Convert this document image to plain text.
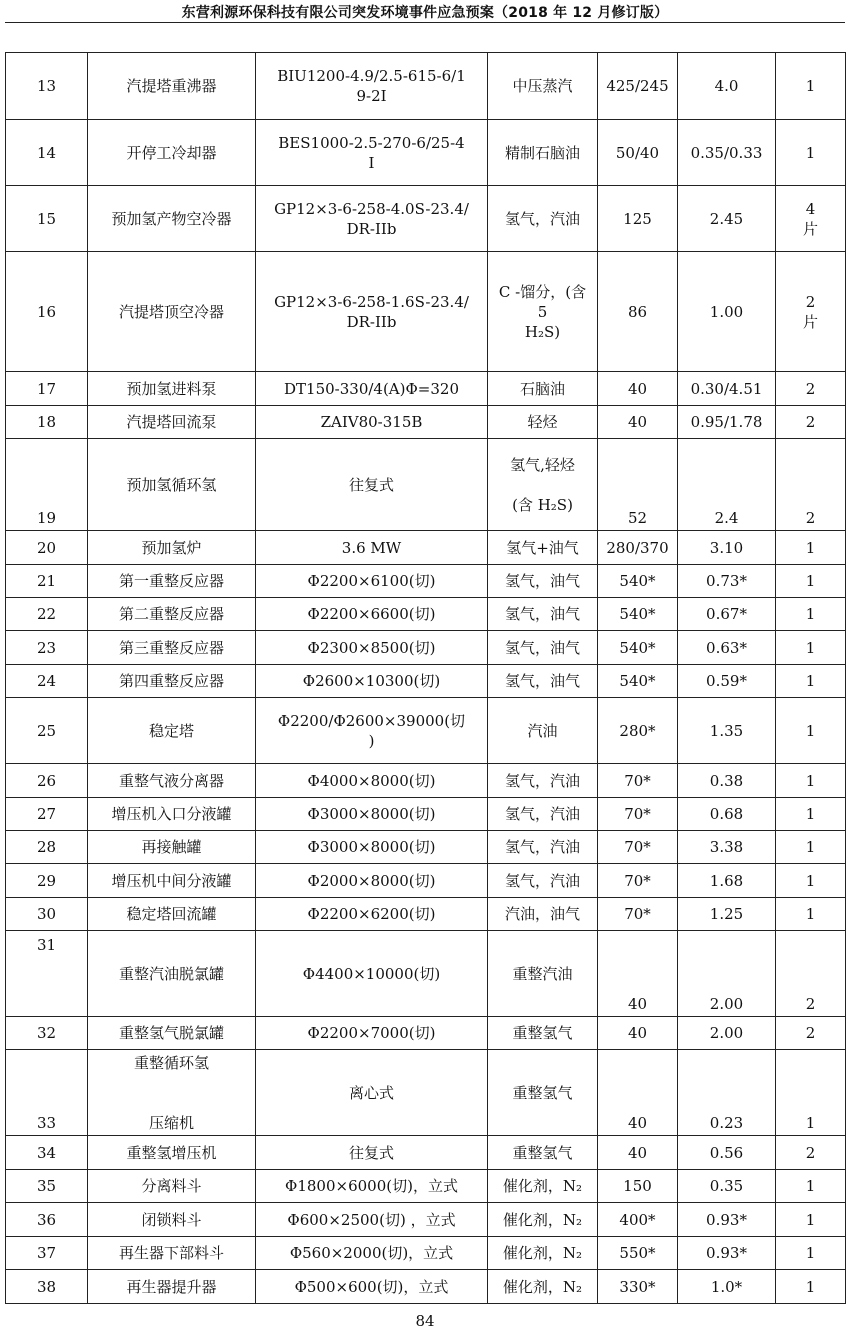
东营利源环保科技有限公司突发环境事件应急预案（2018 年 12 月修订版）
13	汽提塔重沸器	BIU1200-4.9/2.5-615-6/1
9-2I	中压蒸汽	425/245	4.0	1
14	开停工冷却器	BES1000-2.5-270-6/25-4
I	精制石脑油	50/40	0.35/0.33	1
15	预加氢产物空冷器	GP12×3-6-258-4.0S-23.4/
DR-IIb	氢气，汽油	125	2.45	4
片
16	汽提塔顶空冷器	GP12×3-6-258-1.6S-23.4/
DR-IIb	C -馏分，(含
5
H₂S)	86	1.00	2
片
17	预加氢进料泵	DT150-330/4(A)Φ=320	石脑油	40	0.30/4.51	2
18	汽提塔回流泵	ZAIV80-315B	轻烃	40	0.95/1.78	2
19	预加氢循环氢	往复式	氢气,轻烃

(含 H₂S)	52	2.4	2
20	预加氢炉	3.6 MW	氢气+油气	280/370	3.10	1
21	第一重整反应器	Φ2200×6100(切)	氢气，油气	540*	0.73*	1
22	第二重整反应器	Φ2200×6600(切)	氢气，油气	540*	0.67*	1
23	第三重整反应器	Φ2300×8500(切)	氢气，油气	540*	0.63*	1
24	第四重整反应器	Φ2600×10300(切)	氢气，油气	540*	0.59*	1
25	稳定塔	Φ2200/Φ2600×39000(切
)	汽油	280*	1.35	1
26	重整气液分离器	Φ4000×8000(切)	氢气，汽油	70*	0.38	1
27	增压机入口分液罐	Φ3000×8000(切)	氢气，汽油	70*	0.68	1
28	再接触罐	Φ3000×8000(切)	氢气，汽油	70*	3.38	1
29	增压机中间分液罐	Φ2000×8000(切)	氢气，汽油	70*	1.68	1
30	稳定塔回流罐	Φ2200×6200(切)	汽油，油气	70*	1.25	1
31	重整汽油脱氯罐	Φ4400×10000(切)	重整汽油	40	2.00	2
32	重整氢气脱氯罐	Φ2200×7000(切)	重整氢气	40	2.00	2
33	重整循环氢

压缩机	离心式	重整氢气	40	0.23	1
34	重整氢增压机	往复式	重整氢气	40	0.56	2
35	分离料斗	Φ1800×6000(切)，立式	催化剂，N₂	150	0.35	1
36	闭锁料斗	Φ600×2500(切) ，立式	催化剂，N₂	400*	0.93*	1
37	再生器下部料斗	Φ560×2000(切)，立式	催化剂，N₂	550*	0.93*	1
38	再生器提升器	Φ500×600(切)，立式	催化剂，N₂	330*	1.0*	1
84
